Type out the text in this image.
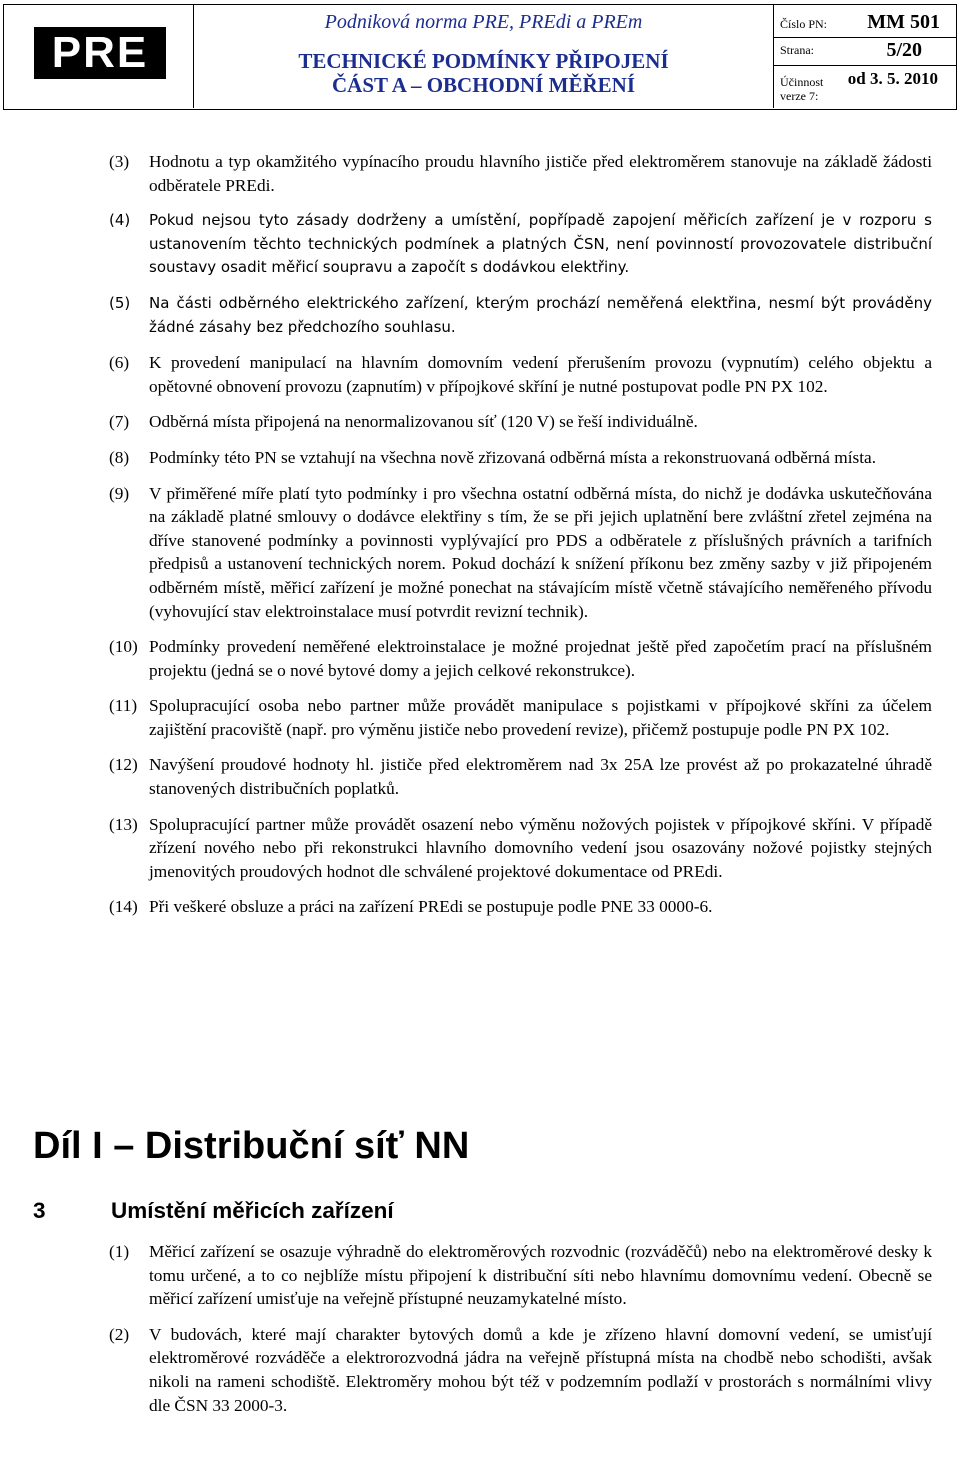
PRE
Podniková norma PRE, PREdi a PREm
TECHNICKÉ PODMÍNKY PŘIPOJENÍ
ČÁST A – OBCHODNÍ MĚŘENÍ
Číslo PN: MM 501
Strana:	5/20
Účinnost od 3. 5. 2010
verze 7:

(3) Hodnotu a typ okamžitého vypínacího proudu hlavního jističe před elektroměrem stanovuje na základě žádosti odběratele PREdi.

(4) Pokud nejsou tyto zásady dodrženy a umístění, popřípadě zapojení měřicích zařízení je v rozporu s ustanovením těchto technických podmínek a platných ČSN, není povinností provozovatele distribuční soustavy osadit měřicí soupravu a započít s dodávkou elektřiny.

(5) Na části odběrného elektrického zařízení, kterým prochází neměřená elektřina, nesmí být prováděny žádné zásahy bez předchozího souhlasu.

(6) K provedení manipulací na hlavním domovním vedení přerušením provozu (vypnutím) celého objektu a opětovné obnovení provozu (zapnutím) v přípojkové skříní je nutné postupovat podle PN PX 102.

(7) Odběrná místa připojená na nenormalizovanou síť (120 V) se řeší individuálně.

(8) Podmínky této PN se vztahují na všechna nově zřizovaná odběrná místa a rekonstruovaná odběrná místa.

(9) V přiměřené míře platí tyto podmínky i pro všechna ostatní odběrná místa, do nichž je dodávka uskutečňována na základě platné smlouvy o dodávce elektřiny s tím, že se při jejich uplatnění bere zvláštní zřetel zejména na dříve stanovené podmínky a povinnosti vyplývající pro PDS a odběratele z příslušných právních a tarifních předpisů a ustanovení technických norem. Pokud dochází k snížení příkonu bez změny sazby v již připojeném odběrném místě, měřicí zařízení je možné ponechat na stávajícím místě včetně stávajícího neměřeného přívodu (vyhovující stav elektroinstalace musí potvrdit revizní technik).

(10) Podmínky provedení neměřené elektroinstalace je možné projednat ještě před započetím prací na příslušném projektu (jedná se o nové bytové domy a jejich celkové rekonstrukce).

(11) Spolupracující osoba nebo partner může provádět manipulace s pojistkami v přípojkové skříni za účelem zajištění pracoviště (např. pro výměnu jističe nebo provedení revize), přičemž postupuje podle PN PX 102.

(12) Navýšení proudové hodnoty hl. jističe před elektroměrem nad 3x 25A lze provést až po prokazatelné úhradě stanovených distribučních poplatků.

(13) Spolupracující partner může provádět osazení nebo výměnu nožových pojistek v přípojkové skříni. V případě zřízení nového nebo při rekonstrukci hlavního domovního vedení jsou osazovány nožové pojistky stejných jmenovitých proudových hodnot dle schválené projektové dokumentace od PREdi.

(14) Při veškeré obsluze a práci na zařízení PREdi se postupuje podle PNE 33 0000-6.

Díl I – Distribuční síť NN
3	Umístění měřicích zařízení

(1) Měřicí zařízení se osazuje výhradně do elektroměrových rozvodnic (rozváděčů) nebo na elektroměrové desky k tomu určené, a to co nejblíže místu připojení k distribuční síti nebo hlavnímu domovnímu vedení. Obecně se měřicí zařízení umisťuje na veřejně přístupné neuzamykatelné místo.

(2) V budovách, které mají charakter bytových domů a kde je zřízeno hlavní domovní vedení, se umisťují elektroměrové rozváděče a elektrorozvodná jádra na veřejně přístupná místa na chodbě nebo schodišti, avšak nikoli na rameni schodiště. Elektroměry mohou být též v podzemním podlaží v prostorách s normálními vlivy dle ČSN 33 2000-3.
